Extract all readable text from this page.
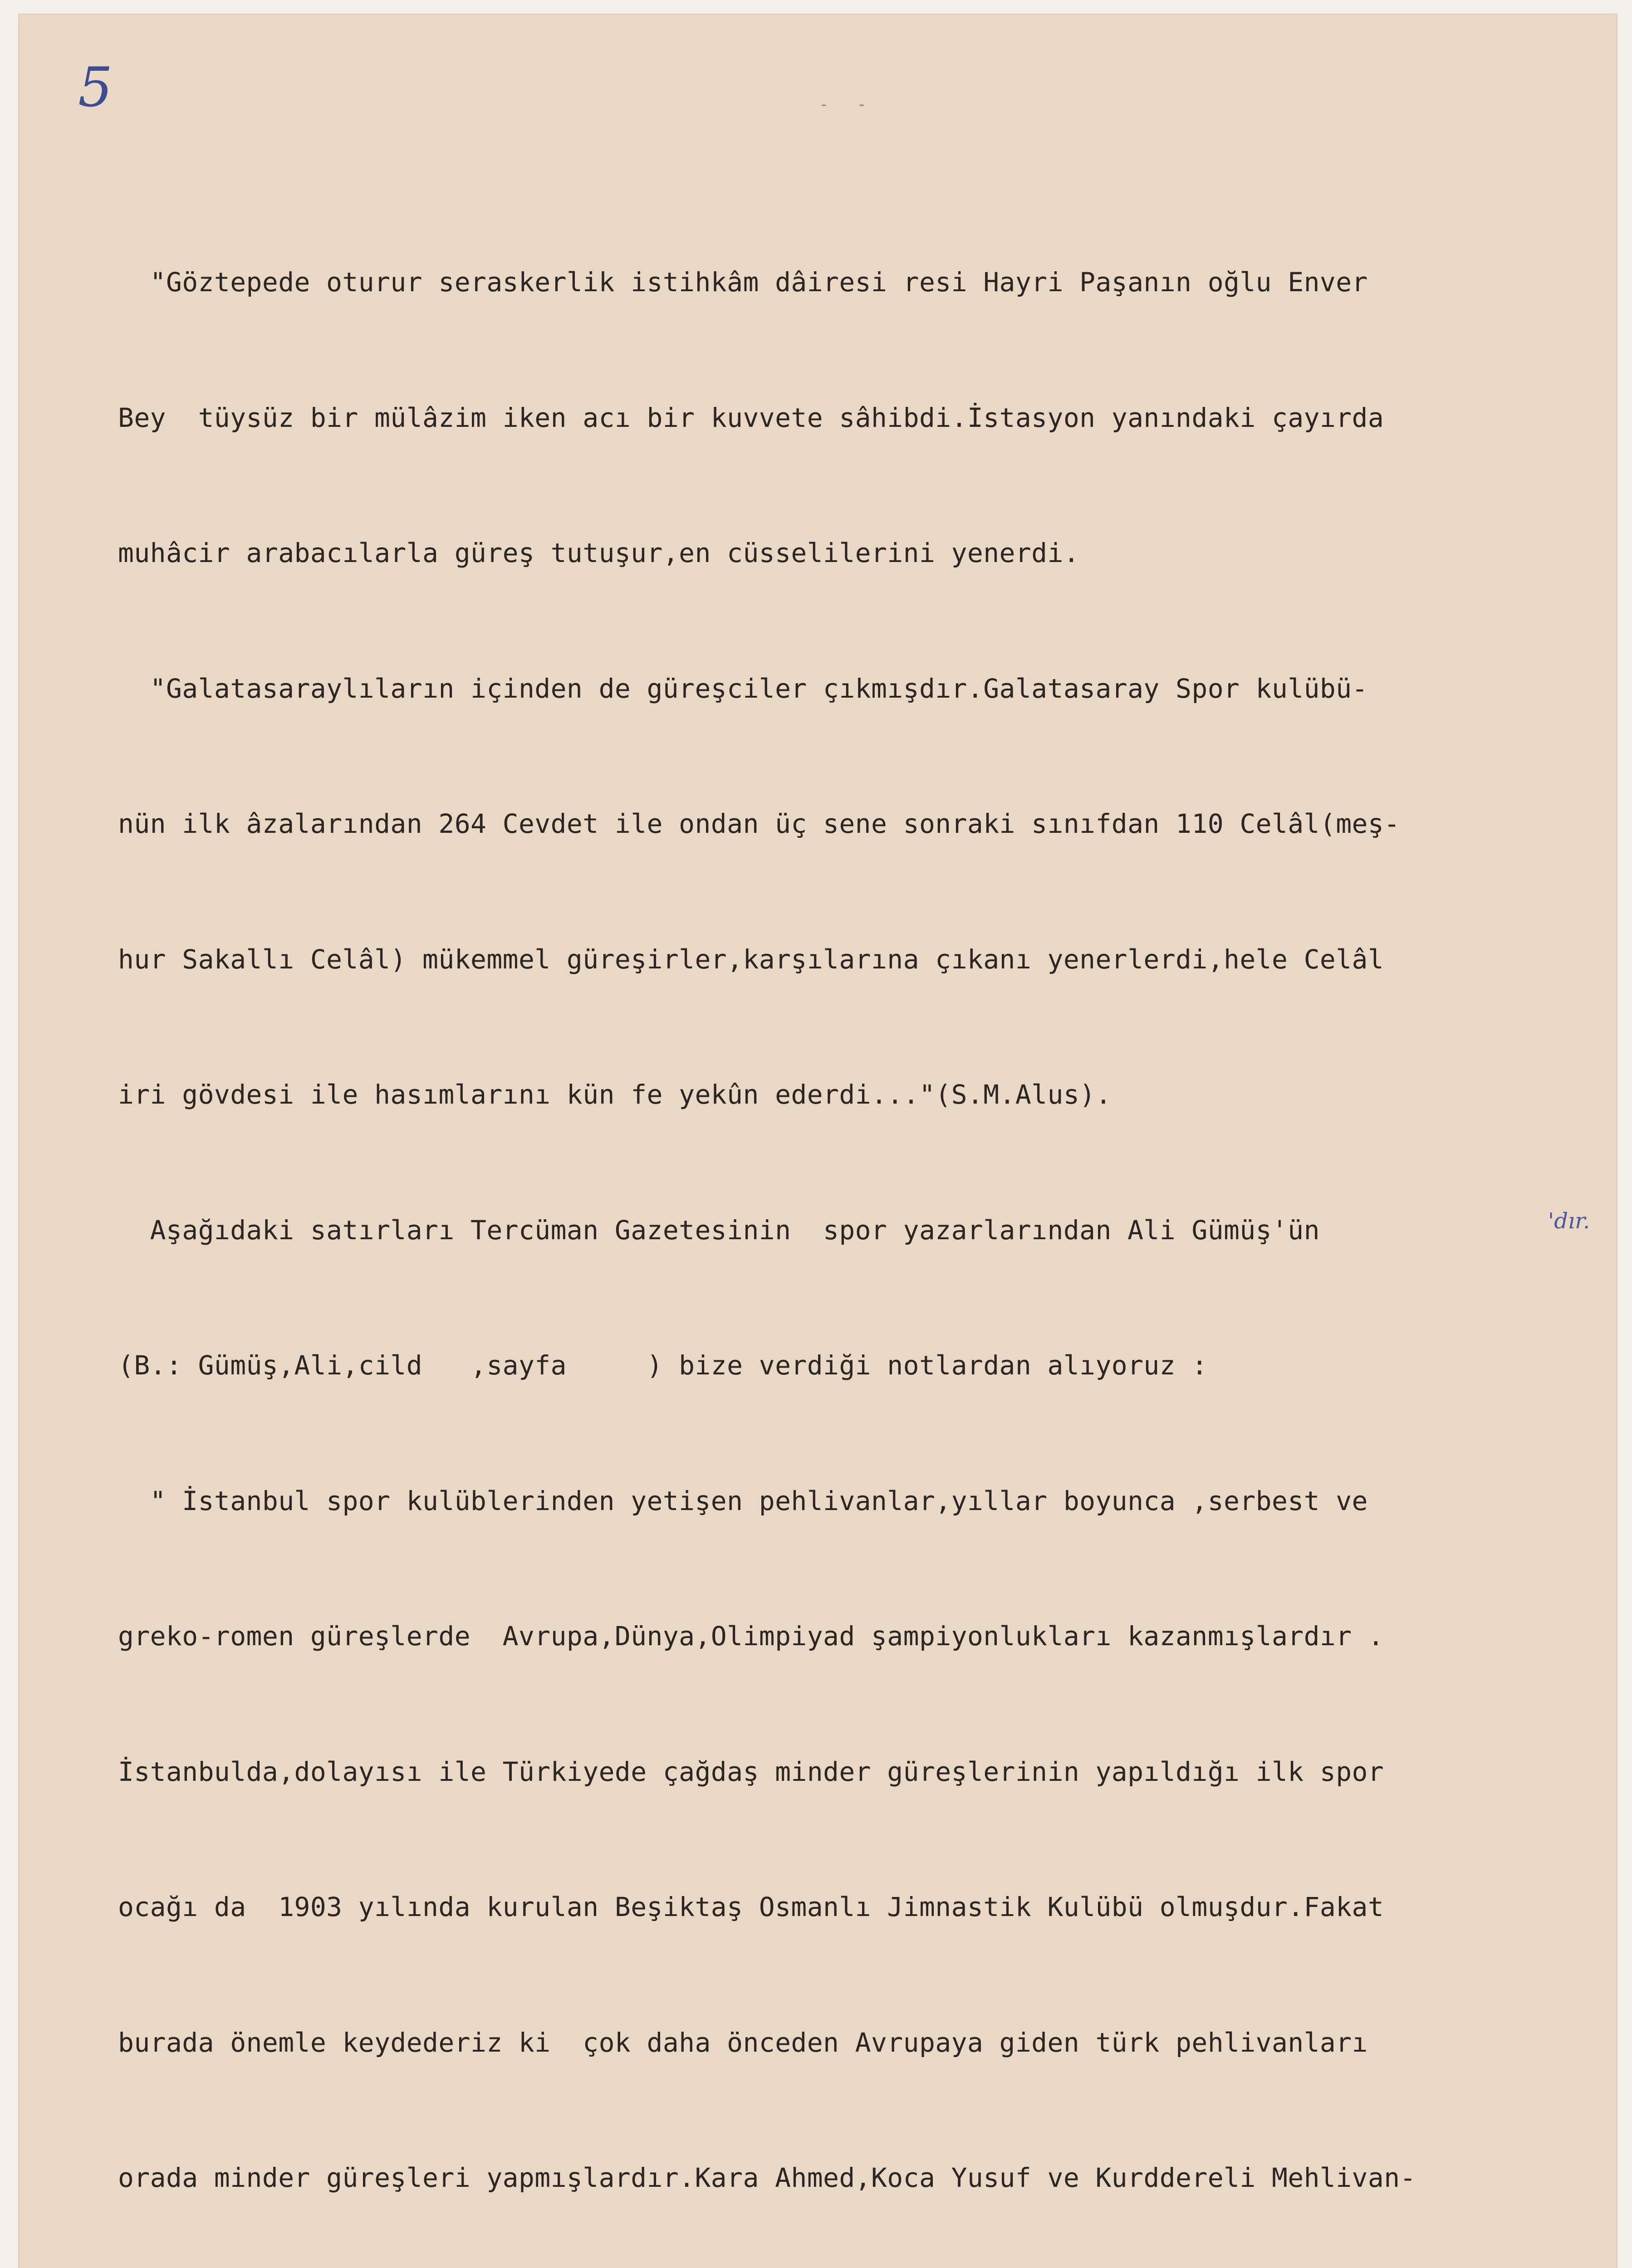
5	- -

"Göztepede oturur seraskerlik istihkâm dâiresi resi Hayri Paşanın oğlu Enver

Bey  tüysüz bir mülâzim iken acı bir kuvvete sâhibdi.İstasyon yanındaki çayırda

muhâcir arabacılarla güreş tutuşur,en cüsselilerini yenerdi.

"Galatasaraylıların içinden de güreşciler çıkmışdır.Galatasaray Spor kulübü-

nün ilk âzalarından 264 Cevdet ile ondan üç sene sonraki sınıfdan 110 Celâl(meş-

hur Sakallı Celâl) mükemmel güreşirler,karşılarına çıkanı yenerlerdi,hele Celâl

iri gövdesi ile hasımlarını kün fe yekûn ederdi..."(S.M.Alus).

Aşağıdaki satırları Tercüman Gazetesinin  spor yazarlarından Ali Gümüş'ün

(B.: Gümüş,Ali,cild   ,sayfa     ) bize verdiği notlardan alıyoruz :

" İstanbul spor kulüblerinden yetişen pehlivanlar,yıllar boyunca ,serbest ve

greko-romen güreşlerde  Avrupa,Dünya,Olimpiyad şampiyonlukları kazanmışlardır .

İstanbulda,dolayısı ile Türkiyede çağdaş minder güreşlerinin yapıldığı ilk spor

ocağı da  1903 yılında kurulan Beşiktaş Osmanlı Jimnastik Kulübü olmuşdur.Fakat

burada önemle keydederiz ki  çok daha önceden Avrupaya giden türk pehlivanları

orada minder güreşleri yapmışlardır.Kara Ahmed,Koca Yusuf ve Kurddereli Mehlivan-

'dır.
